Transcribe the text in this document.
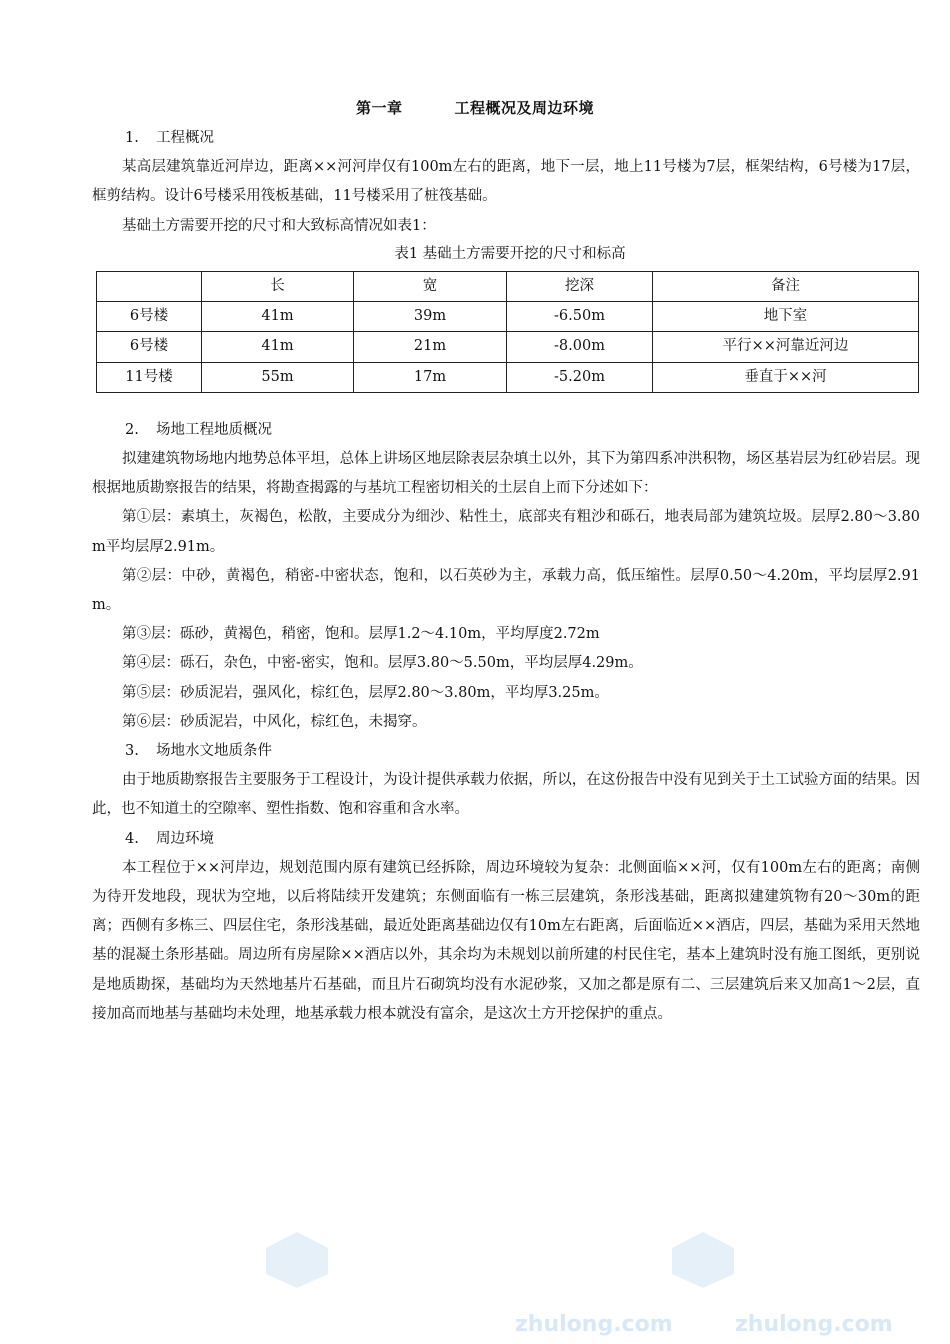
第一章	工程概况及周边环境
1. 工程概况
某高层建筑靠近河岸边，距离××河河岸仅有100m左右的距离，地下一层，地上11号楼为7层，框架结构，6号楼为17层，框剪结构。设计6号楼采用筏板基础，11号楼采用了桩筏基础。
基础土方需要开挖的尺寸和大致标高情况如表1：
表1 基础土方需要开挖的尺寸和标高
	长	宽	挖深	备注
6号楼	41m	39m	-6.50m	地下室
6号楼	41m	21m	-8.00m	平行××河靠近河边
11号楼	55m	17m	-5.20m	垂直于××河
2. 场地工程地质概况
拟建建筑物场地内地势总体平坦，总体上讲场区地层除表层杂填土以外，其下为第四系冲洪积物，场区基岩层为红砂岩层。现根据地质勘察报告的结果，将勘查揭露的与基坑工程密切相关的土层自上而下分述如下：
第①层：素填土，灰褐色，松散，主要成分为细沙、粘性土，底部夹有粗沙和砾石，地表局部为建筑垃圾。层厚2.80～3.80m平均层厚2.91m。
第②层：中砂，黄褐色，稍密-中密状态，饱和，以石英砂为主，承载力高，低压缩性。层厚0.50～4.20m，平均层厚2.91m。
第③层：砾砂，黄褐色，稍密，饱和。层厚1.2～4.10m，平均厚度2.72m
第④层：砾石，杂色，中密-密实，饱和。层厚3.80～5.50m，平均层厚4.29m。
第⑤层：砂质泥岩，强风化，棕红色，层厚2.80～3.80m，平均厚3.25m。
第⑥层：砂质泥岩，中风化，棕红色，未揭穿。
3. 场地水文地质条件
由于地质勘察报告主要服务于工程设计，为设计提供承载力依据，所以，在这份报告中没有见到关于土工试验方面的结果。因此，也不知道土的空隙率、塑性指数、饱和容重和含水率。
4. 周边环境
本工程位于××河岸边，规划范围内原有建筑已经拆除，周边环境较为复杂：北侧面临××河，仅有100m左右的距离；南侧为待开发地段，现状为空地，以后将陆续开发建筑；东侧面临有一栋三层建筑，条形浅基础，距离拟建建筑物有20～30m的距离；西侧有多栋三、四层住宅，条形浅基础，最近处距离基础边仅有10m左右距离，后面临近××酒店，四层，基础为采用天然地基的混凝土条形基础。周边所有房屋除××酒店以外，其余均为未规划以前所建的村民住宅，基本上建筑时没有施工图纸，更别说是地质勘探，基础均为天然地基片石基础，而且片石砌筑均没有水泥砂浆，又加之都是原有二、三层建筑后来又加高1～2层，直接加高而地基与基础均未处理，地基承载力根本就没有富余，是这次土方开挖保护的重点。
zhulong.com	zhulong.com
